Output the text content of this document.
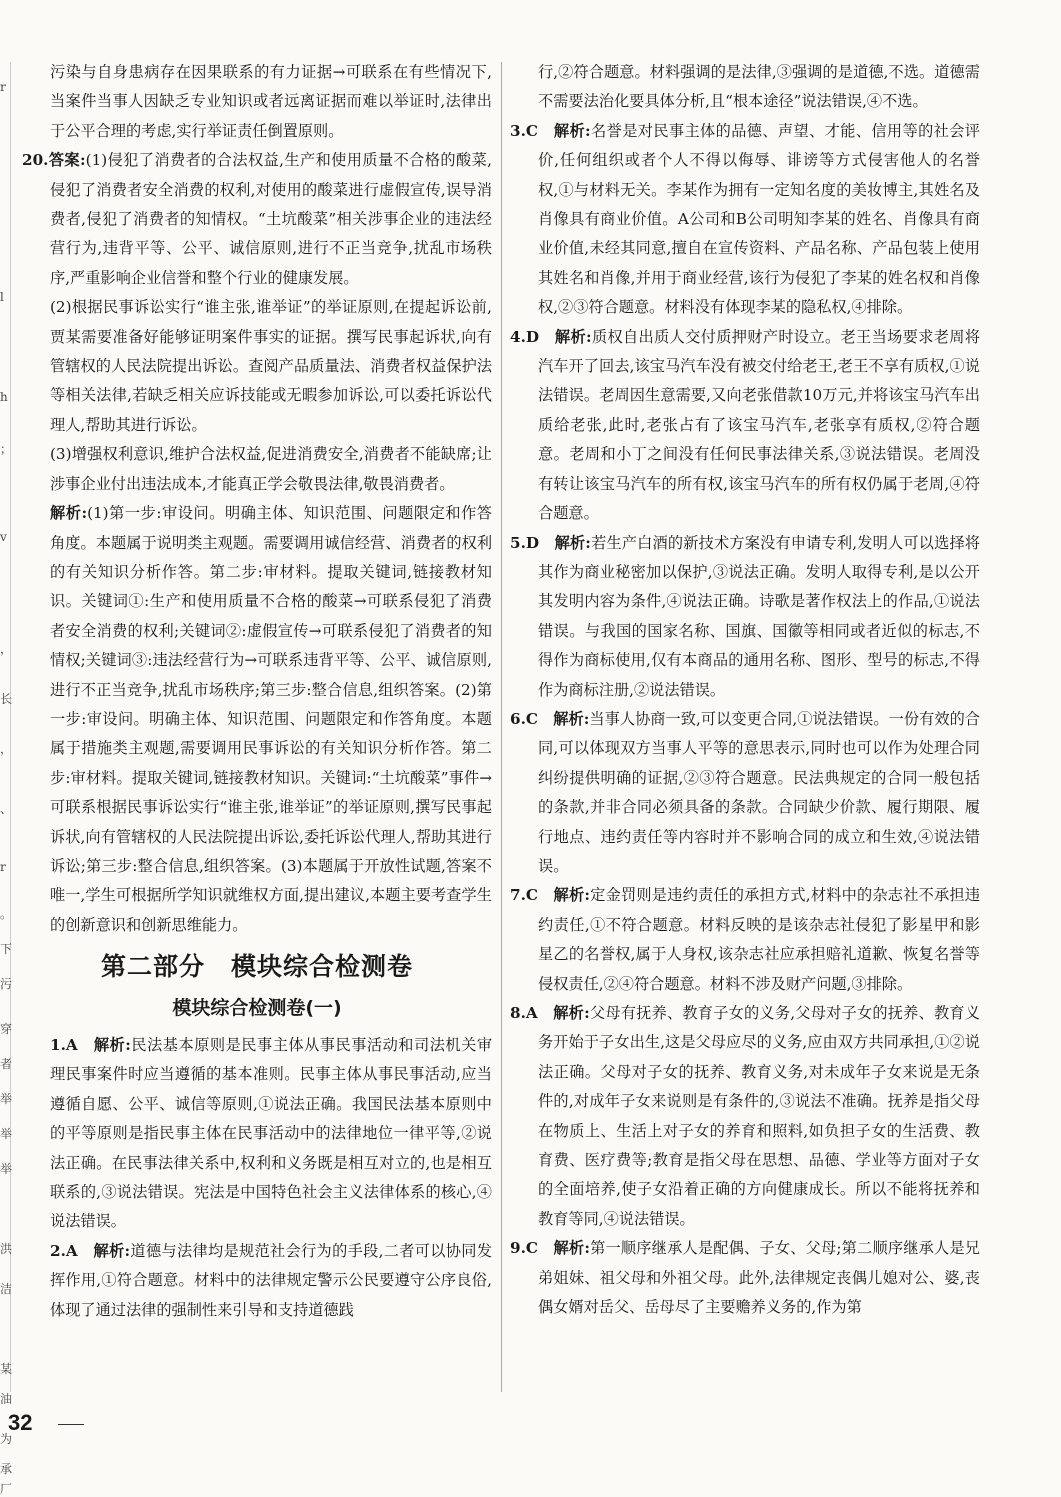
r
l
h
；
v
，
长
，
、
r
。
下
污
穿
者
举
举
举
洪
洁
某
油
为
承
厂

污染与自身患病存在因果联系的有力证据→可联系在有些情况下,当案件当事人因缺乏专业知识或者远离证据而难以举证时,法律出于公平合理的考虑,实行举证责任倒置原则。

20.答案:(1)侵犯了消费者的合法权益,生产和使用质量不合格的酸菜,侵犯了消费者安全消费的权利,对使用的酸菜进行虚假宣传,误导消费者,侵犯了消费者的知情权。“土坑酸菜”相关涉事企业的违法经营行为,违背平等、公平、诚信原则,进行不正当竞争,扰乱市场秩序,严重影响企业信誉和整个行业的健康发展。

(2)根据民事诉讼实行“谁主张,谁举证”的举证原则,在提起诉讼前,贾某需要准备好能够证明案件事实的证据。撰写民事起诉状,向有管辖权的人民法院提出诉讼。查阅产品质量法、消费者权益保护法等相关法律,若缺乏相关应诉技能或无暇参加诉讼,可以委托诉讼代理人,帮助其进行诉讼。

(3)增强权利意识,维护合法权益,促进消费安全,消费者不能缺席;让涉事企业付出违法成本,才能真正学会敬畏法律,敬畏消费者。

解析:(1)第一步:审设问。明确主体、知识范围、问题限定和作答角度。本题属于说明类主观题。需要调用诚信经营、消费者的权利的有关知识分析作答。第二步:审材料。提取关键词,链接教材知识。关键词①:生产和使用质量不合格的酸菜→可联系侵犯了消费者安全消费的权利;关键词②:虚假宣传→可联系侵犯了消费者的知情权;关键词③:违法经营行为→可联系违背平等、公平、诚信原则,进行不正当竞争,扰乱市场秩序;第三步:整合信息,组织答案。(2)第一步:审设问。明确主体、知识范围、问题限定和作答角度。本题属于措施类主观题,需要调用民事诉讼的有关知识分析作答。第二步:审材料。提取关键词,链接教材知识。关键词:“土坑酸菜”事件→可联系根据民事诉讼实行“谁主张,谁举证”的举证原则,撰写民事起诉状,向有管辖权的人民法院提出诉讼,委托诉讼代理人,帮助其进行诉讼;第三步:整合信息,组织答案。(3)本题属于开放性试题,答案不唯一,学生可根据所学知识就维权方面,提出建议,本题主要考查学生的创新意识和创新思维能力。

第二部分　模块综合检测卷
模块综合检测卷(一)

1.A　解析:民法基本原则是民事主体从事民事活动和司法机关审理民事案件时应当遵循的基本准则。民事主体从事民事活动,应当遵循自愿、公平、诚信等原则,①说法正确。我国民法基本原则中的平等原则是指民事主体在民事活动中的法律地位一律平等,②说法正确。在民事法律关系中,权利和义务既是相互对立的,也是相互联系的,③说法错误。宪法是中国特色社会主义法律体系的核心,④说法错误。

2.A　解析:道德与法律均是规范社会行为的手段,二者可以协同发挥作用,①符合题意。材料中的法律规定警示公民要遵守公序良俗,体现了通过法律的强制性来引导和支持道德践

行,②符合题意。材料强调的是法律,③强调的是道德,不选。道德需不需要法治化要具体分析,且“根本途径”说法错误,④不选。

3.C　解析:名誉是对民事主体的品德、声望、才能、信用等的社会评价,任何组织或者个人不得以侮辱、诽谤等方式侵害他人的名誉权,①与材料无关。李某作为拥有一定知名度的美妆博主,其姓名及肖像具有商业价值。A公司和B公司明知李某的姓名、肖像具有商业价值,未经其同意,擅自在宣传资料、产品名称、产品包装上使用其姓名和肖像,并用于商业经营,该行为侵犯了李某的姓名权和肖像权,②③符合题意。材料没有体现李某的隐私权,④排除。

4.D　解析:质权自出质人交付质押财产时设立。老王当场要求老周将汽车开了回去,该宝马汽车没有被交付给老王,老王不享有质权,①说法错误。老周因生意需要,又向老张借款10万元,并将该宝马汽车出质给老张,此时,老张占有了该宝马汽车,老张享有质权,②符合题意。老周和小丁之间没有任何民事法律关系,③说法错误。老周没有转让该宝马汽车的所有权,该宝马汽车的所有权仍属于老周,④符合题意。

5.D　解析:若生产白酒的新技术方案没有申请专利,发明人可以选择将其作为商业秘密加以保护,③说法正确。发明人取得专利,是以公开其发明内容为条件,④说法正确。诗歌是著作权法上的作品,①说法错误。与我国的国家名称、国旗、国徽等相同或者近似的标志,不得作为商标使用,仅有本商品的通用名称、图形、型号的标志,不得作为商标注册,②说法错误。

6.C　解析:当事人协商一致,可以变更合同,①说法错误。一份有效的合同,可以体现双方当事人平等的意思表示,同时也可以作为处理合同纠纷提供明确的证据,②③符合题意。民法典规定的合同一般包括的条款,并非合同必须具备的条款。合同缺少价款、履行期限、履行地点、违约责任等内容时并不影响合同的成立和生效,④说法错误。

7.C　解析:定金罚则是违约责任的承担方式,材料中的杂志社不承担违约责任,①不符合题意。材料反映的是该杂志社侵犯了影星甲和影星乙的名誉权,属于人身权,该杂志社应承担赔礼道歉、恢复名誉等侵权责任,②④符合题意。材料不涉及财产问题,③排除。

8.A　解析:父母有抚养、教育子女的义务,父母对子女的抚养、教育义务开始于子女出生,这是父母应尽的义务,应由双方共同承担,①②说法正确。父母对子女的抚养、教育义务,对未成年子女来说是无条件的,对成年子女来说则是有条件的,③说法不准确。抚养是指父母在物质上、生活上对子女的养育和照料,如负担子女的生活费、教育费、医疗费等;教育是指父母在思想、品德、学业等方面对子女的全面培养,使子女沿着正确的方向健康成长。所以不能将抚养和教育等同,④说法错误。

9.C　解析:第一顺序继承人是配偶、子女、父母;第二顺序继承人是兄弟姐妹、祖父母和外祖父母。此外,法律规定丧偶儿媳对公、婆,丧偶女婿对岳父、岳母尽了主要赡养义务的,作为第

32
